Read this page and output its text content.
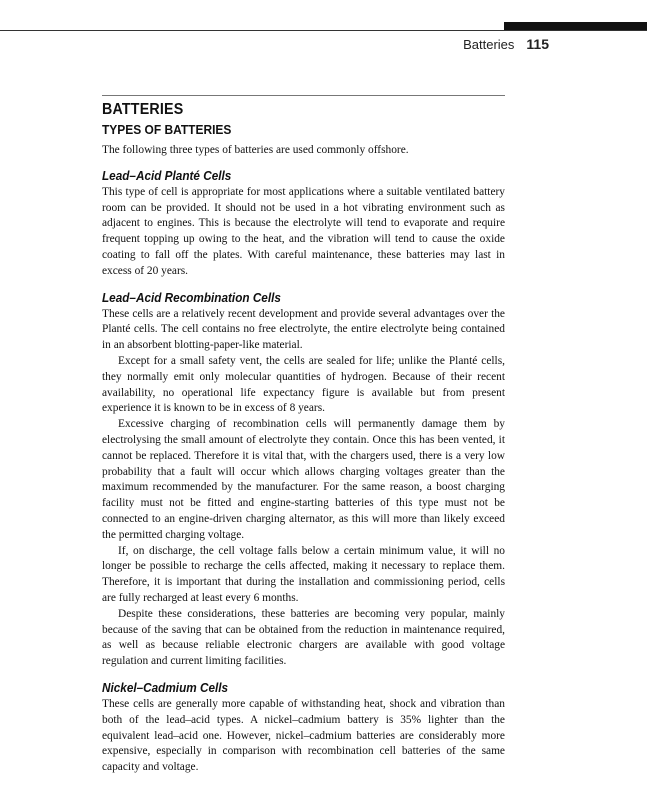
Batteries 115
BATTERIES
TYPES OF BATTERIES

The following three types of batteries are used commonly offshore.

Lead–Acid Planté Cells

This type of cell is appropriate for most applications where a suitable ventilated battery room can be provided. It should not be used in a hot vibrating environment such as adjacent to engines. This is because the electrolyte will tend to evaporate and require frequent topping up owing to the heat, and the vibration will tend to cause the oxide coating to fall off the plates. With careful maintenance, these batteries may last in excess of 20 years.

Lead–Acid Recombination Cells

These cells are a relatively recent development and provide several advantages over the Planté cells. The cell contains no free electrolyte, the entire electrolyte being contained in an absorbent blotting-paper-like material.

Except for a small safety vent, the cells are sealed for life; unlike the Planté cells, they normally emit only molecular quantities of hydrogen. Because of their recent availability, no operational life expectancy figure is available but from present experience it is known to be in excess of 8 years.

Excessive charging of recombination cells will permanently damage them by electrolysing the small amount of electrolyte they contain. Once this has been vented, it cannot be replaced. Therefore it is vital that, with the chargers used, there is a very low probability that a fault will occur which allows charging voltages greater than the maximum recommended by the manufacturer. For the same reason, a boost charging facility must not be fitted and engine-starting batteries of this type must not be connected to an engine-driven charging alternator, as this will more than likely exceed the permitted charging voltage.

If, on discharge, the cell voltage falls below a certain minimum value, it will no longer be possible to recharge the cells affected, making it necessary to replace them. Therefore, it is important that during the installation and commissioning period, cells are fully recharged at least every 6 months.

Despite these considerations, these batteries are becoming very popular, mainly because of the saving that can be obtained from the reduction in maintenance required, as well as because reliable electronic chargers are available with good voltage regulation and current limiting facilities.

Nickel–Cadmium Cells

These cells are generally more capable of withstanding heat, shock and vibration than both of the lead–acid types. A nickel–cadmium battery is 35% lighter than the equivalent lead–acid one. However, nickel–cadmium batteries are considerably more expensive, especially in comparison with recombination cell batteries of the same capacity and voltage.
